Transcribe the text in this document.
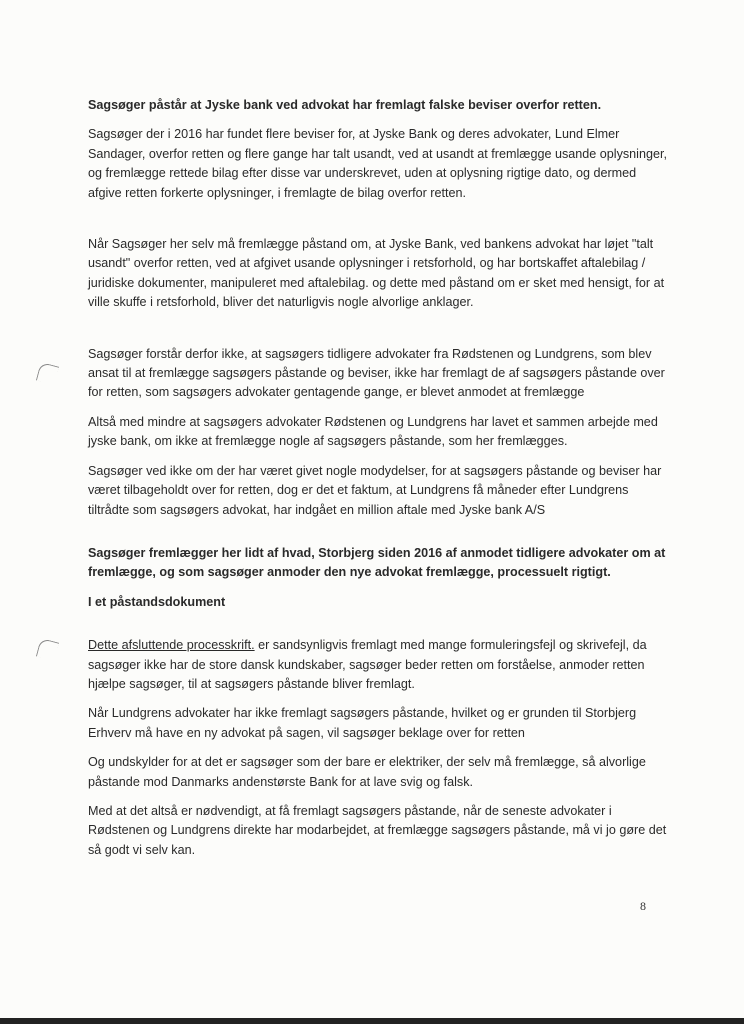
Sagsøger påstår at Jyske bank ved advokat har fremlagt falske beviser overfor retten.

Sagsøger der i 2016 har fundet flere beviser for, at Jyske Bank og deres advokater, Lund Elmer Sandager, overfor retten og flere gange har talt usandt, ved at usandt at fremlægge usande oplysninger, og fremlægge rettede bilag efter disse var underskrevet, uden at oplysning rigtige dato, og dermed afgive retten forkerte oplysninger, i fremlagte de bilag overfor retten.

Når Sagsøger her selv må fremlægge påstand om, at Jyske Bank, ved bankens advokat har løjet "talt usandt" overfor retten, ved at afgivet usande oplysninger i retsforhold, og har bortskaffet aftalebilag / juridiske dokumenter, manipuleret med aftalebilag. og dette med påstand om er sket med hensigt, for at ville skuffe i retsforhold, bliver det naturligvis nogle alvorlige anklager.

Sagsøger forstår derfor ikke, at sagsøgers tidligere advokater fra Rødstenen og Lundgrens, som blev ansat til at fremlægge sagsøgers påstande og beviser, ikke har fremlagt de af sagsøgers påstande over for retten, som sagsøgers advokater gentagende gange, er blevet anmodet at fremlægge

Altså med mindre at sagsøgers advokater Rødstenen og Lundgrens har lavet et sammen arbejde med jyske bank, om ikke at fremlægge nogle af sagsøgers påstande, som her fremlægges.

Sagsøger ved ikke om der har været givet nogle modydelser, for at sagsøgers påstande og beviser har været tilbageholdt over for retten, dog er det et faktum, at Lundgrens få måneder efter Lundgrens tiltrådte som sagsøgers advokat, har indgået en million aftale med Jyske bank A/S

Sagsøger fremlægger her lidt af hvad, Storbjerg siden 2016 af anmodet tidligere advokater om at fremlægge, og som sagsøger anmoder den nye advokat fremlægge, processuelt rigtigt.

I et påstandsdokument

Dette afsluttende processkrift. er sandsynligvis fremlagt med mange formuleringsfejl og skrivefejl, da sagsøger ikke har de store dansk kundskaber, sagsøger beder retten om forståelse, anmoder retten hjælpe sagsøger, til at sagsøgers påstande bliver fremlagt.

Når Lundgrens advokater har ikke fremlagt sagsøgers påstande, hvilket og er grunden til Storbjerg Erhverv må have en ny advokat på sagen, vil sagsøger beklage over for retten

Og undskylder for at det er sagsøger som der bare er elektriker, der selv må fremlægge, så alvorlige påstande mod Danmarks andenstørste Bank for at lave svig og falsk.

Med at det altså er nødvendigt, at få fremlagt sagsøgers påstande, når de seneste advokater i Rødstenen og Lundgrens direkte har modarbejdet, at fremlægge sagsøgers påstande, må vi jo gøre det så godt vi selv kan.

8
